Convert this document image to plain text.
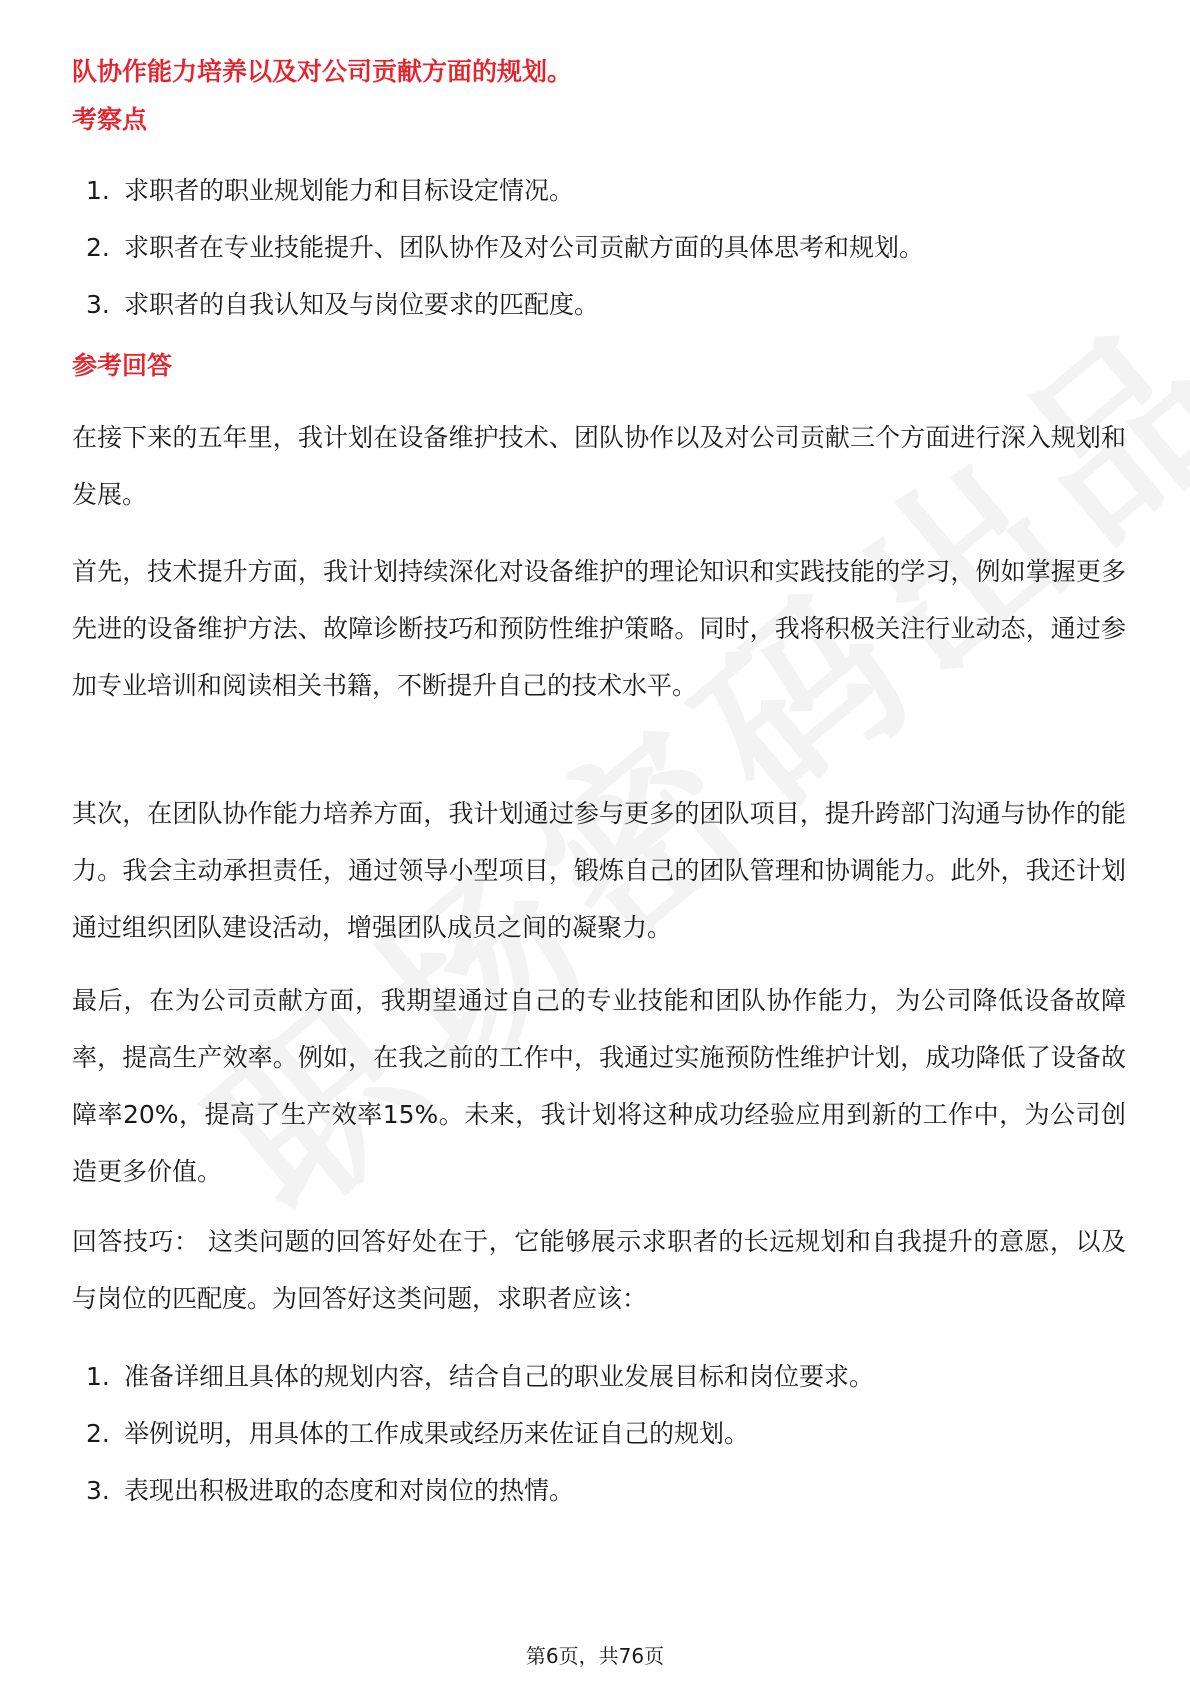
队协作能力培养以及对公司贡献方面的规划。
考察点
1. 求职者的职业规划能力和目标设定情况。
2. 求职者在专业技能提升、团队协作及对公司贡献方面的具体思考和规划。
3. 求职者的自我认知及与岗位要求的匹配度。
参考回答

在接下来的五年里，我计划在设备维护技术、团队协作以及对公司贡献三个方面进行深入规划和发展。

首先，技术提升方面，我计划持续深化对设备维护的理论知识和实践技能的学习，例如掌握更多先进的设备维护方法、故障诊断技巧和预防性维护策略。同时，我将积极关注行业动态，通过参加专业培训和阅读相关书籍，不断提升自己的技术水平。

其次，在团队协作能力培养方面，我计划通过参与更多的团队项目，提升跨部门沟通与协作的能力。我会主动承担责任，通过领导小型项目，锻炼自己的团队管理和协调能力。此外，我还计划通过组织团队建设活动，增强团队成员之间的凝聚力。

最后，在为公司贡献方面，我期望通过自己的专业技能和团队协作能力，为公司降低设备故障率，提高生产效率。例如，在我之前的工作中，我通过实施预防性维护计划，成功降低了设备故障率20%，提高了生产效率15%。未来，我计划将这种成功经验应用到新的工作中，为公司创造更多价值。

回答技巧： 这类问题的回答好处在于，它能够展示求职者的长远规划和自我提升的意愿，以及与岗位的匹配度。为回答好这类问题，求职者应该：

1. 准备详细且具体的规划内容，结合自己的职业发展目标和岗位要求。
2. 举例说明，用具体的工作成果或经历来佐证自己的规划。
3. 表现出积极进取的态度和对岗位的热情。
第6页，共76页
